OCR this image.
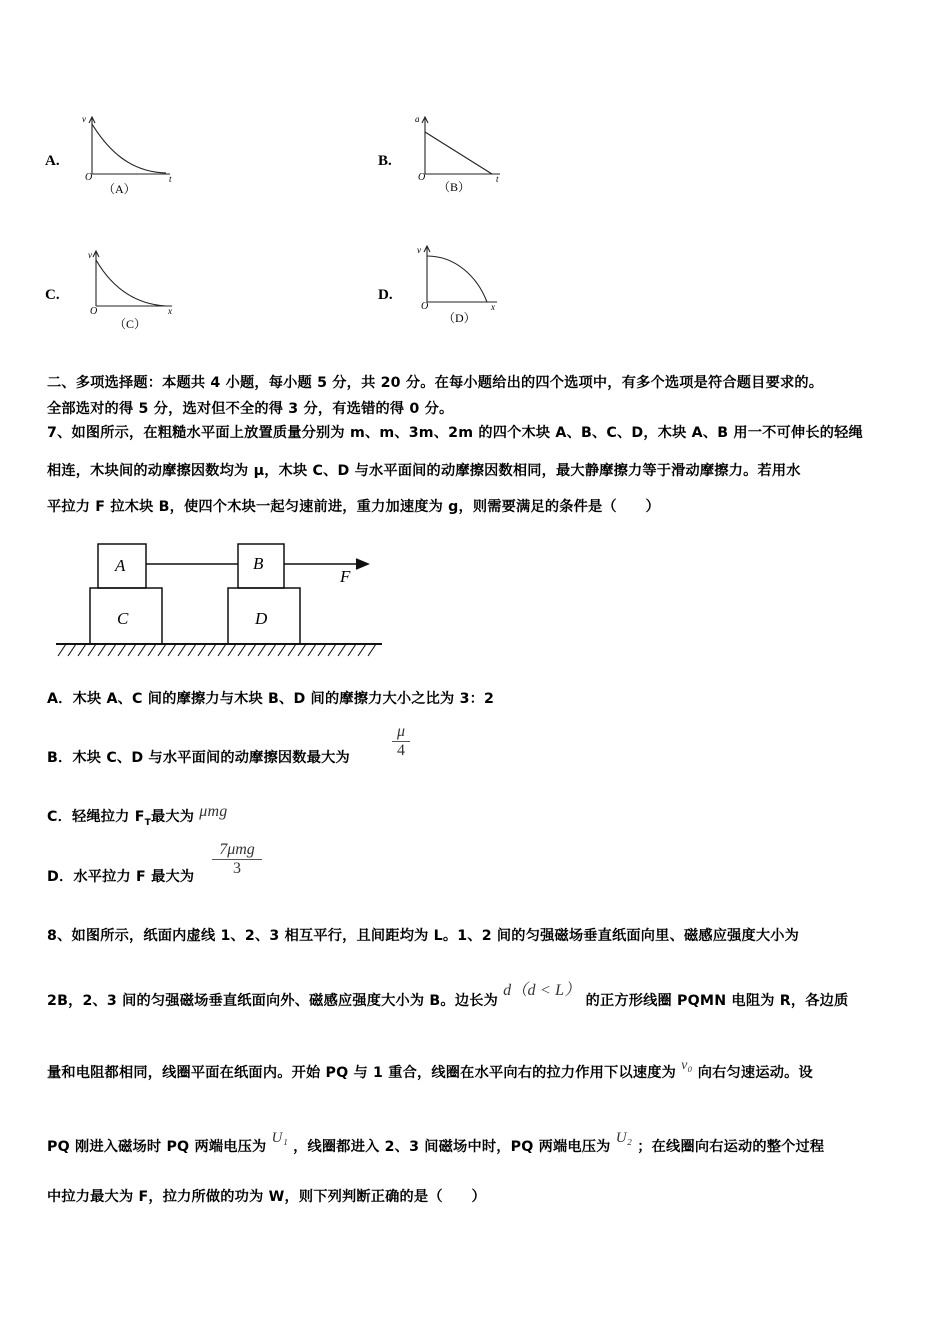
A.	B.
C.	D.
v
O	t
（A）
a
O	t
（B）
v
O	x
（C）
v
O	x
（D）
二、多项选择题：本题共 4 小题，每小题 5 分，共 20 分。在每小题给出的四个选项中，有多个选项是符合题目要求的。
全部选对的得 5 分，选对但不全的得 3 分，有选错的得 0 分。
7、如图所示，在粗糙水平面上放置质量分别为 m、m、3m、2m 的四个木块 A、B、C、D，木块 A、B 用一不可伸长的轻绳
相连，木块间的动摩擦因数均为 μ，木块 C、D 与水平面间的动摩擦因数相同，最大静摩擦力等于滑动摩擦力。若用水
平拉力 F 拉木块 B，使四个木块一起匀速前进，重力加速度为 g，则需要满足的条件是（　　）
A	B
C	D
F
A．木块 A、C 间的摩擦力与木块 B、D 间的摩擦力大小之比为 3：2
B．木块 C、D 与水平面间的动摩擦因数最大为
μ
4
C．轻绳拉力 $F_T$最大为 μmg
D．水平拉力 F 最大为
7μmg
3
8、如图所示，纸面内虚线 1、2、3 相互平行，且间距均为 L。1、2 间的匀强磁场垂直纸面向里、磁感应强度大小为
2B，2、3 间的匀强磁场垂直纸面向外、磁感应强度大小为 B。边长为 d（d < L） 的正方形线圈 PQMN 电阻为 R，各边质
量和电阻都相同，线圈平面在纸面内。开始 PQ 与 1 重合，线圈在水平向右的拉力作用下以速度为 v₀ 向右匀速运动。设
PQ 刚进入磁场时 PQ 两端电压为 U₁ ，线圈都进入 2、3 间磁场中时，PQ 两端电压为 U₂ ；在线圈向右运动的整个过程
中拉力最大为 F，拉力所做的功为 W，则下列判断正确的是（　　）
